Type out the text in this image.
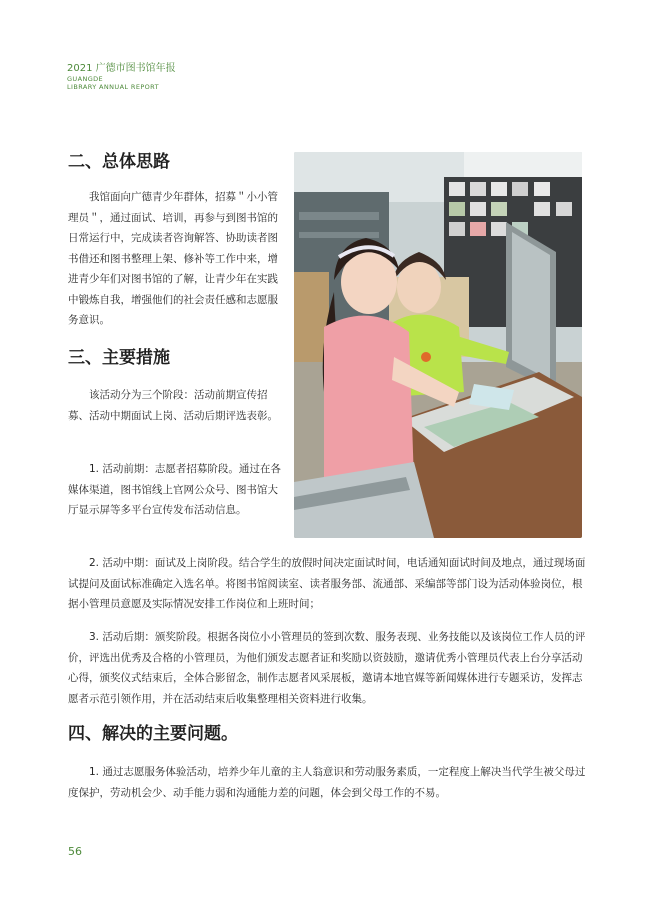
2021 广德市图书馆年报
GUANGDE
LIBRARY ANNUAL REPORT
二、总体思路

我馆面向广德青少年群体，招募＂小小管理员＂，通过面试、培训，再参与到图书馆的日常运行中，完成读者咨询解答、协助读者图书借还和图书整理上架、修补等工作中来，增进青少年们对图书馆的了解，让青少年在实践中锻炼自我，增强他们的社会责任感和志愿服务意识。

三、主要措施

该活动分为三个阶段：活动前期宣传招募、活动中期面试上岗、活动后期评选表彰。

1. 活动前期：志愿者招募阶段。通过在各媒体渠道，图书馆线上官网公众号、图书馆大厅显示屏等多平台宣传发布活动信息。

2. 活动中期：面试及上岗阶段。结合学生的放假时间决定面试时间，电话通知面试时间及地点，通过现场面试提问及面试标准确定入选名单。将图书馆阅读室、读者服务部、流通部、采编部等部门设为活动体验岗位，根据小管理员意愿及实际情况安排工作岗位和上班时间；

3. 活动后期：颁奖阶段。根据各岗位小小管理员的签到次数、服务表现、业务技能以及该岗位工作人员的评价，评选出优秀及合格的小管理员，为他们颁发志愿者证和奖励以资鼓励，邀请优秀小管理员代表上台分享活动心得，颁奖仪式结束后，全体合影留念，制作志愿者风采展板，邀请本地官媒等新闻媒体进行专题采访，发挥志愿者示范引领作用，并在活动结束后收集整理相关资料进行收集。

四、解决的主要问题。

1. 通过志愿服务体验活动，培养少年儿童的主人翁意识和劳动服务素质，一定程度上解决当代学生被父母过度保护，劳动机会少、动手能力弱和沟通能力差的问题，体会到父母工作的不易。

56
